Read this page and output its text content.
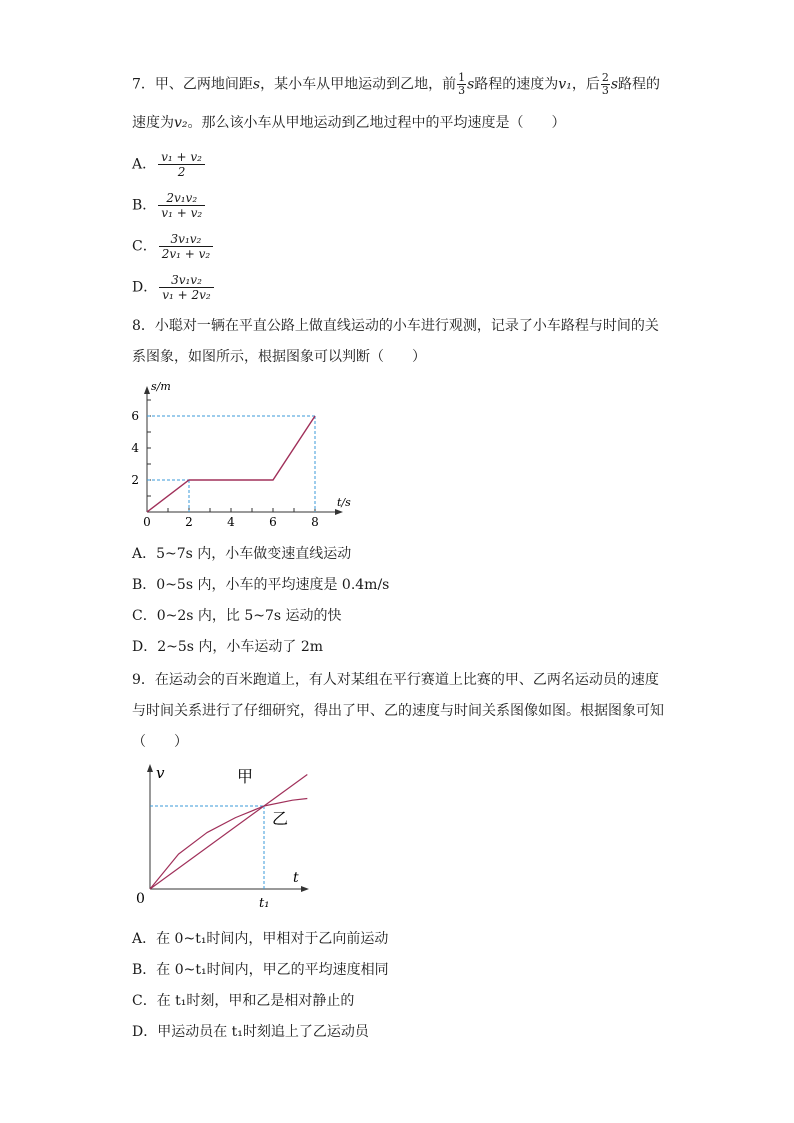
7．甲、乙两地间距s，某小车从甲地运动到乙地，前 $\frac{1}{3}$ s路程的速度为v₁，后 $\frac{2}{3}$ s路程的
速度为v₂。那么该小车从甲地运动到乙地过程中的平均速度是（　　）
A． $\frac{\text{v₁ + v₂}}{2}$
B． $\frac{\text{2v₁v₂}}{\text{v₁ + v₂}}$
C． $\frac{\text{3v₁v₂}}{\text{2v₁ + v₂}}$
D． $\frac{\text{3v₁v₂}}{\text{v₁ + 2v₂}}$
8．小聪对一辆在平直公路上做直线运动的小车进行观测，记录了小车路程与时间的关
系图象，如图所示，根据图象可以判断（　　）
0	2	4	6	8
2
4
6
s/m
t/s
A．5~7s 内，小车做变速直线运动
B．0~5s 内，小车的平均速度是 0.4m/s
C．0~2s 内，比 5~7s 运动的快
D．2~5s 内，小车运动了 2m
9．在运动会的百米跑道上，有人对某组在平行赛道上比赛的甲、乙两名运动员的速度
与时间关系进行了仔细研究，得出了甲、乙的速度与时间关系图像如图。根据图象可知
（　　）
甲
乙
v
t
0	t₁
A．在 0~t₁时间内，甲相对于乙向前运动
B．在 0~t₁时间内，甲乙的平均速度相同
C．在 t₁时刻，甲和乙是相对静止的
D．甲运动员在 t₁时刻追上了乙运动员
